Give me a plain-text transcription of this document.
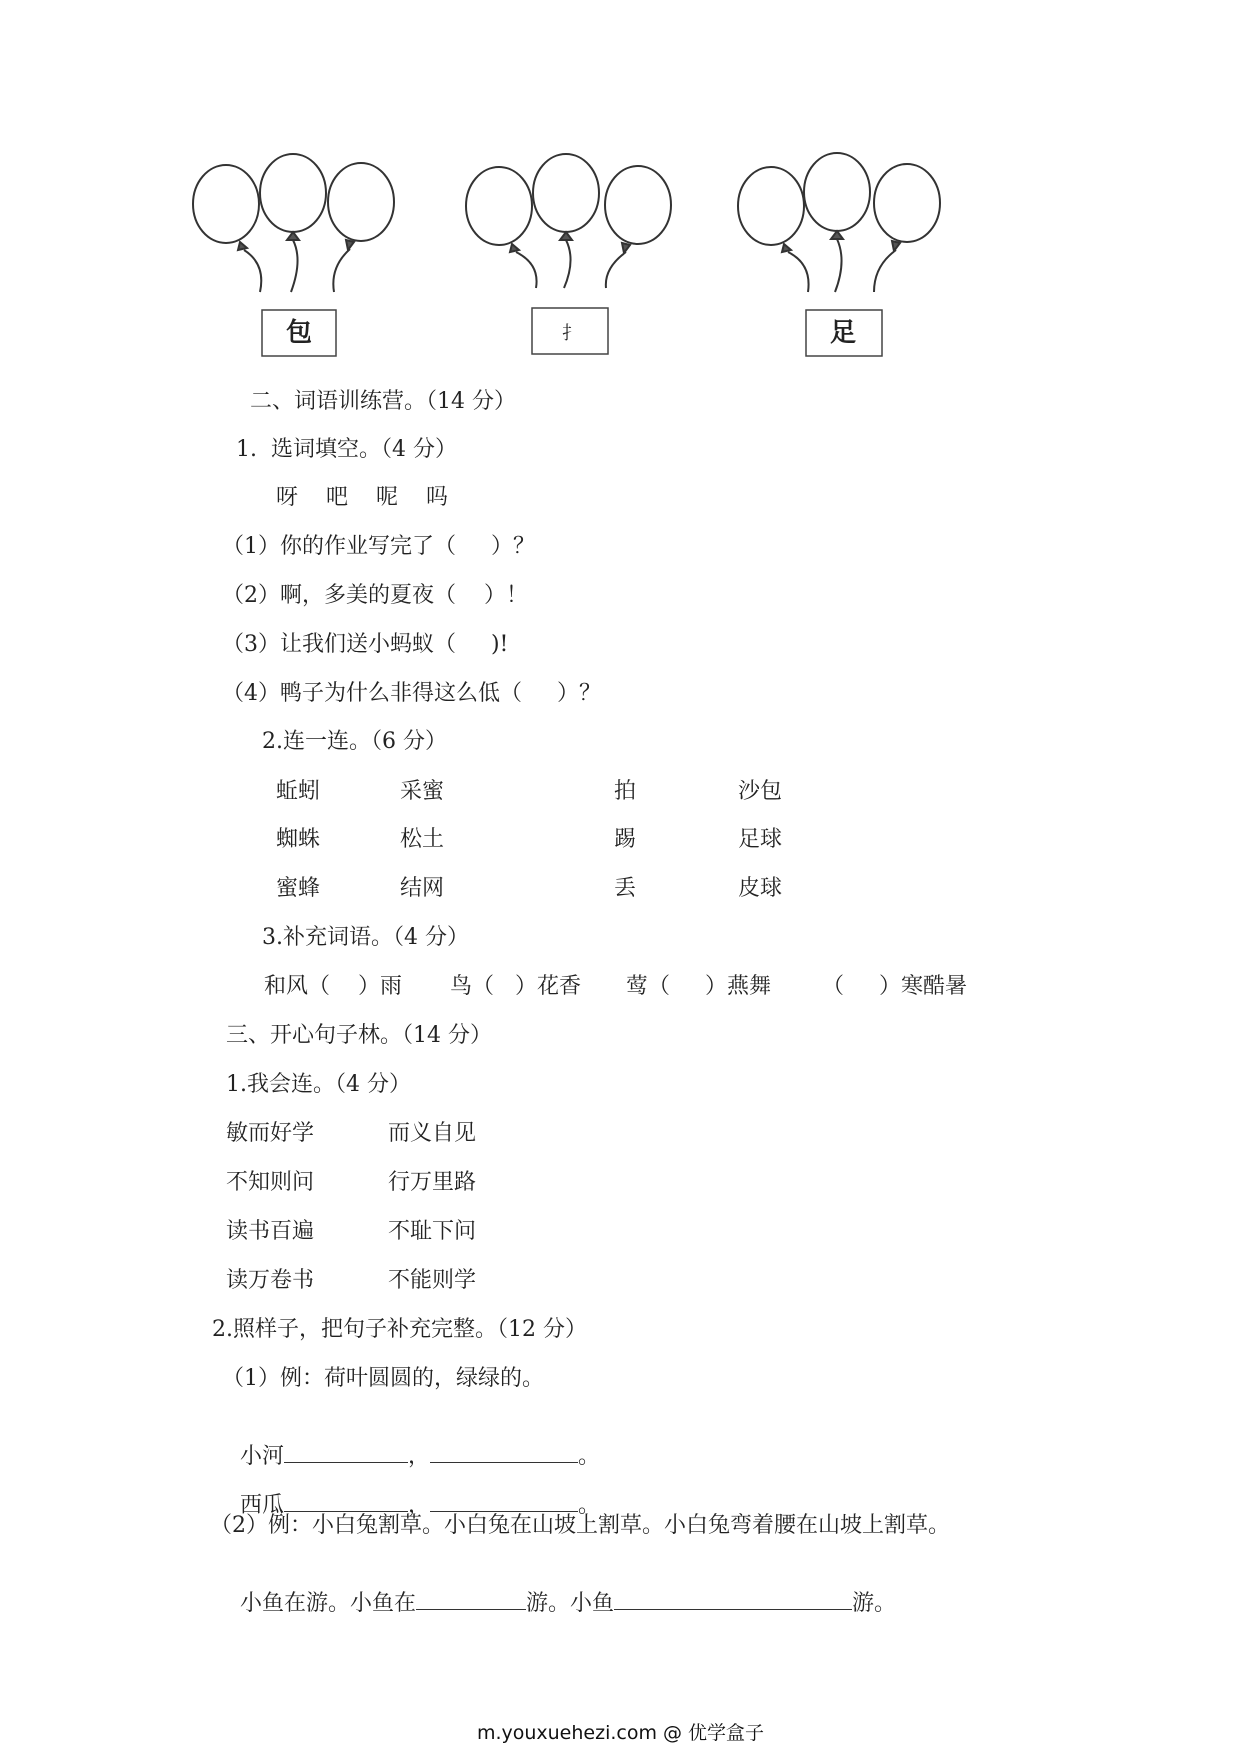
包	扌	足
二、词语训练营。（14 分）
1.  选词填空。（4 分）
呀 吧 呢 吗
（1）你的作业写完了（     ）？
（2）啊，多美的夏夜（    ）！
（3）让我们送小蚂蚁（     )!
（4）鸭子为什么非得这么低（     ）？
2.连一连。（6 分）
蚯蚓	采蜜	拍	沙包
蜘蛛	松土	踢	足球
蜜蜂	结网	丢	皮球
3.补充词语。（4 分）
和风（    ）雨 鸟（   ）花香 莺（     ）燕舞 （     ）寒酷暑
三、开心句子林。（14 分）
1.我会连。（4 分）
敏而好学	而义自见
不知则问	行万里路
读书百遍	不耻下问
读万卷书	不能则学
2.照样子，把句子补充完整。（12 分）
（1）例：荷叶圆圆的，绿绿的。

小河	，	。

西瓜	，	。

（2）例：小白兔割草。小白兔在山坡上割草。小白兔弯着腰在山坡上割草。

小鱼在游。小鱼在	游。小鱼	游。

m.youxuehezi.com @ 优学盒子
